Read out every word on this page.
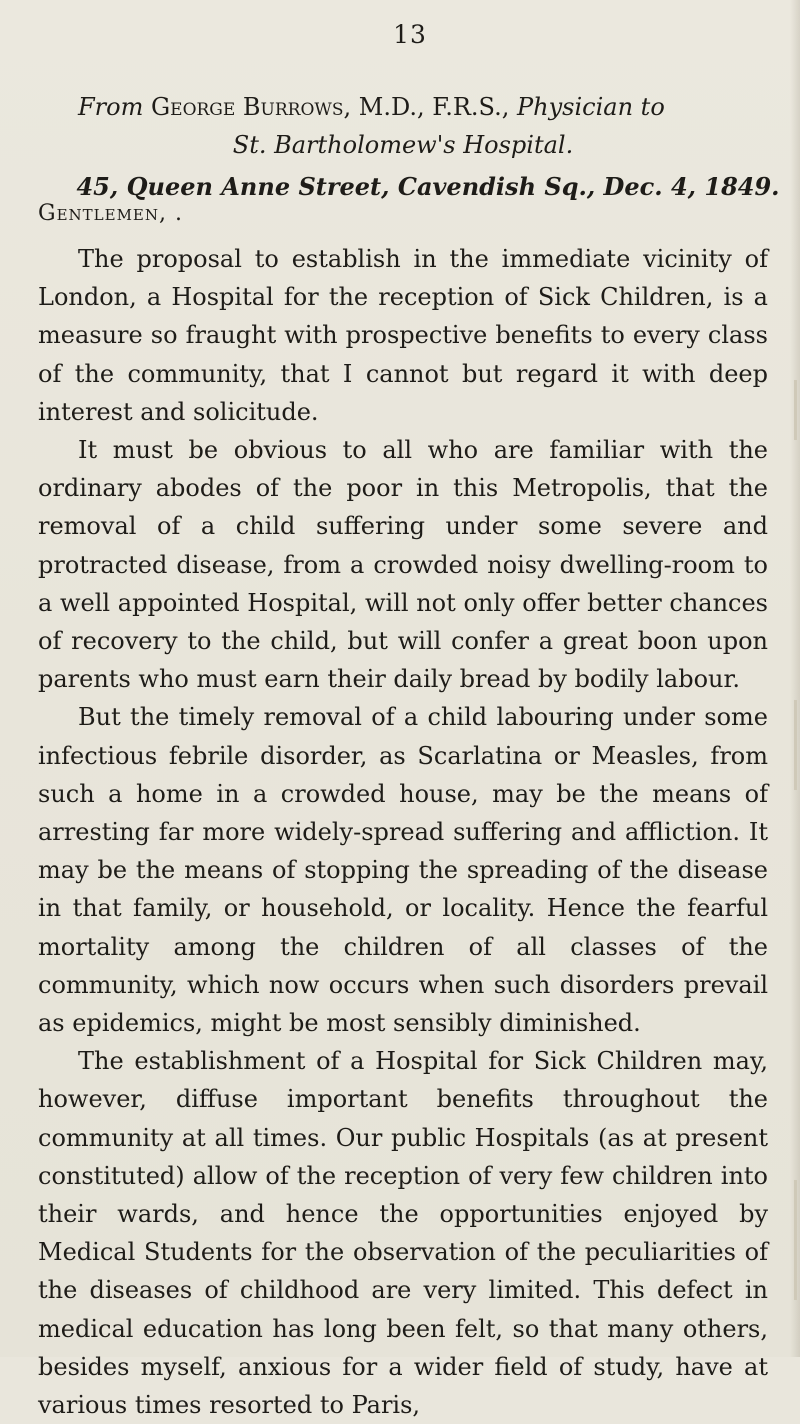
13
From George Burrows, M.D., F.R.S., Physician to
St. Bartholomew's Hospital.
45, Queen Anne Street, Cavendish Sq., Dec. 4, 1849.
Gentlemen, .

The proposal to establish in the immediate vicinity of London, a Hospital for the reception of Sick Children, is a measure so fraught with prospective benefits to every class of the community, that I cannot but regard it with deep interest and solicitude.

It must be obvious to all who are familiar with the ordinary abodes of the poor in this Metropolis, that the removal of a child suffering under some severe and protracted disease, from a crowded noisy dwelling-room to a well appointed Hospital, will not only offer better chances of recovery to the child, but will confer a great boon upon parents who must earn their daily bread by bodily labour.

But the timely removal of a child labouring under some infectious febrile disorder, as Scarlatina or Measles, from such a home in a crowded house, may be the means of arresting far more widely-spread suffering and affliction. It may be the means of stopping the spreading of the disease in that family, or household, or locality. Hence the fearful mortality among the children of all classes of the community, which now occurs when such disorders prevail as epidemics, might be most sensibly diminished.

The establishment of a Hospital for Sick Children may, however, diffuse important benefits throughout the community at all times. Our public Hospitals (as at present constituted) allow of the reception of very few children into their wards, and hence the opportunities enjoyed by Medical Students for the observation of the peculiarities of the diseases of childhood are very limited. This defect in medical education has long been felt, so that many others, besides myself, anxious for a wider field of study, have at various times resorted to Paris,
